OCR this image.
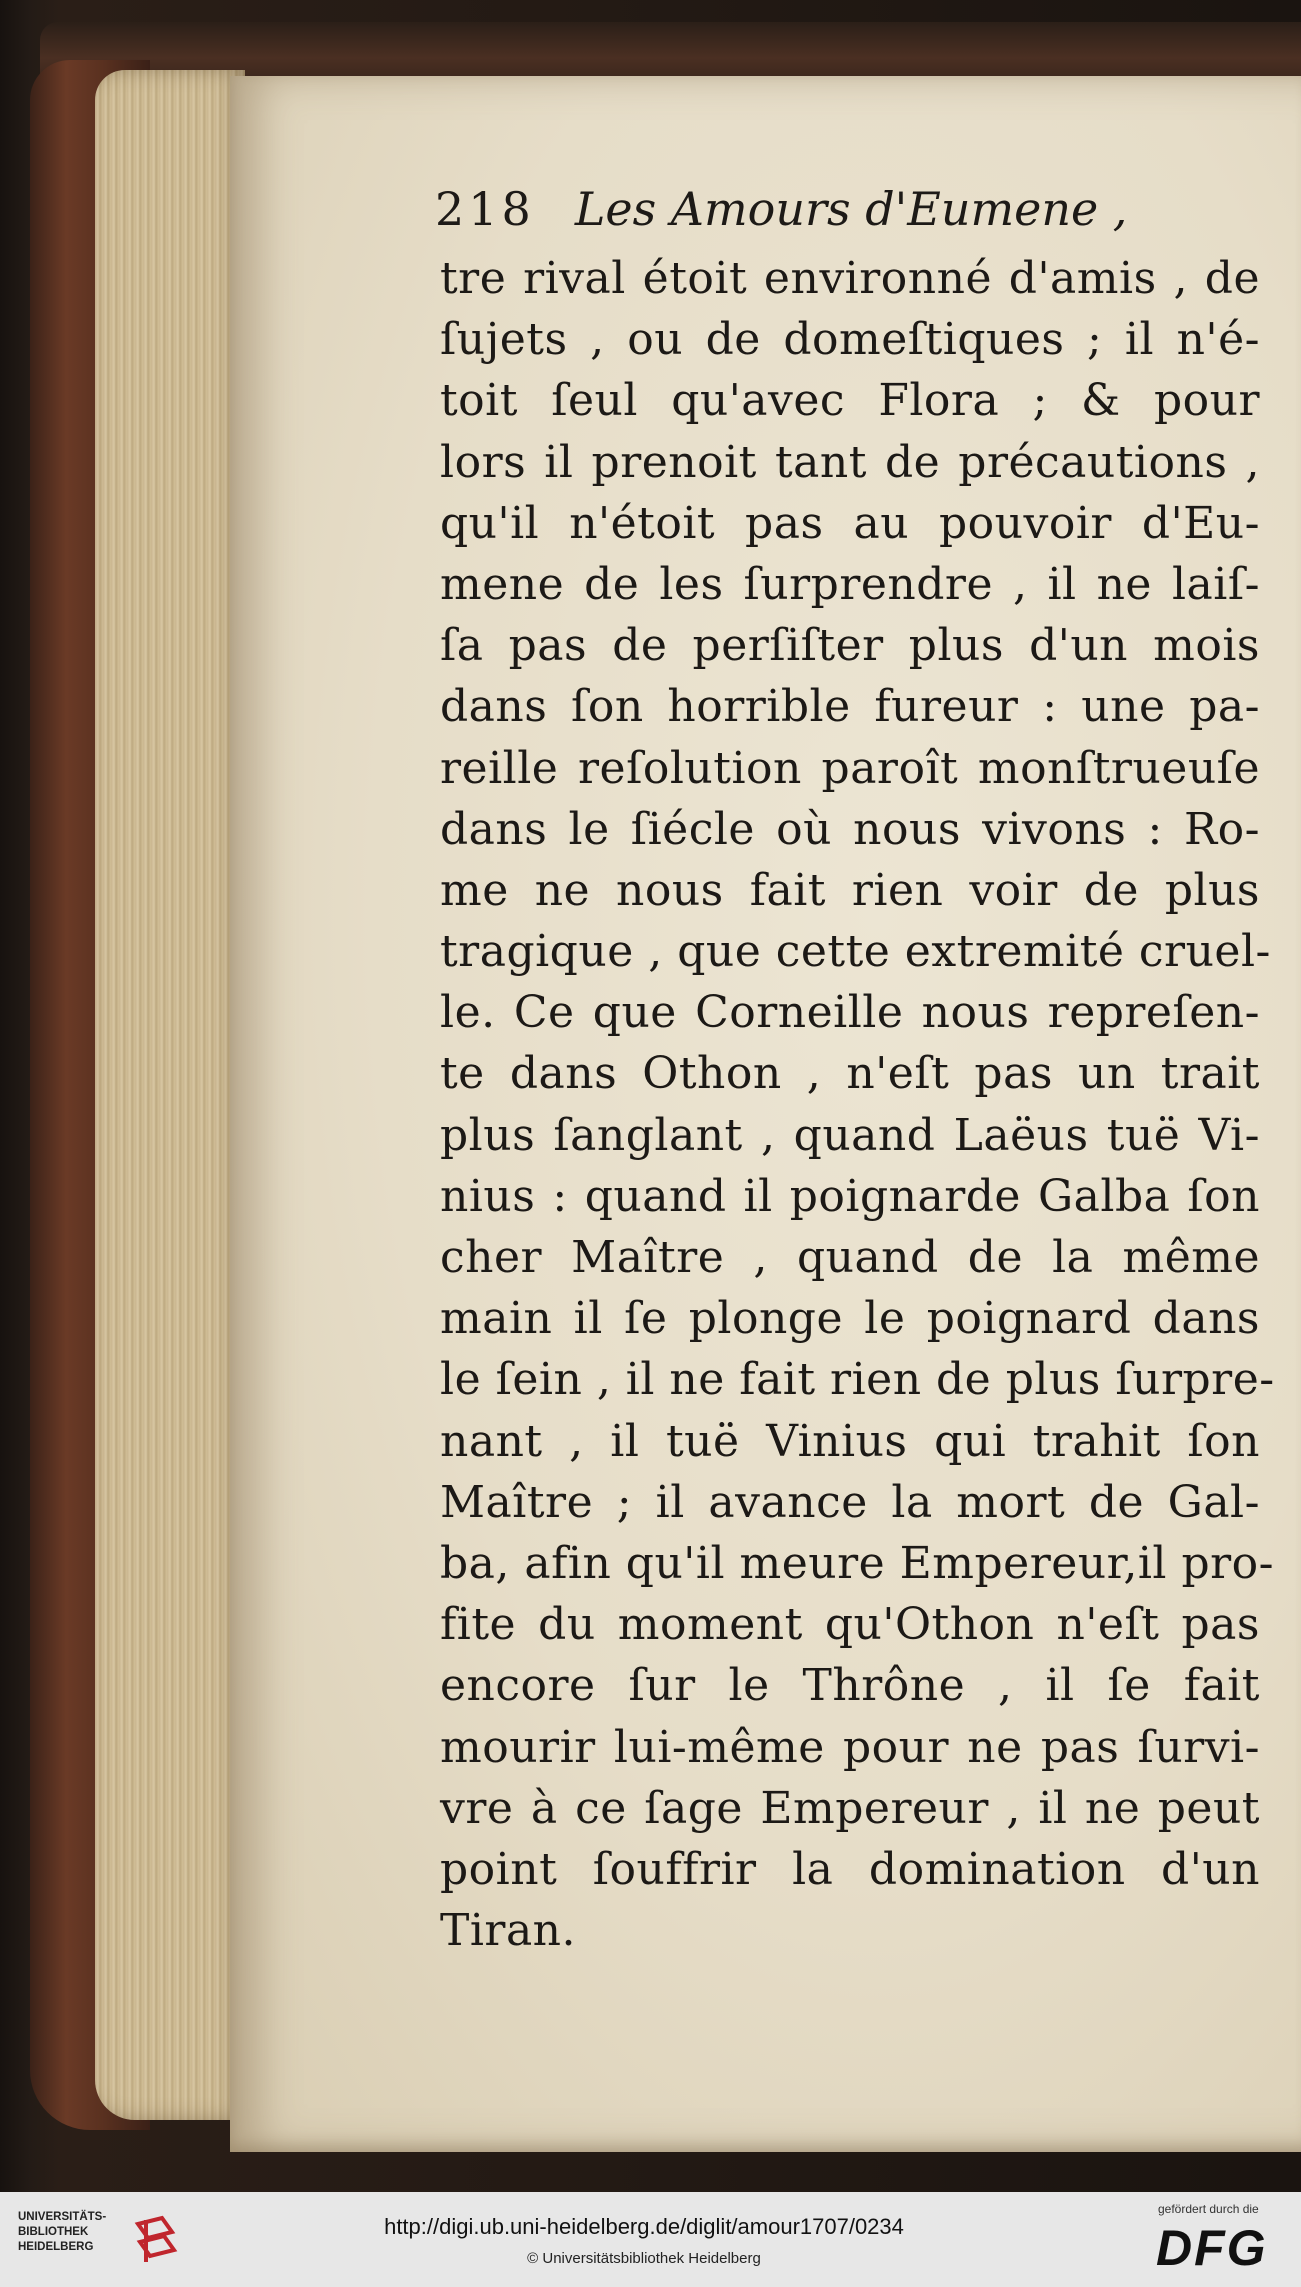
218 Les Amours d'Eumene ,
tre rival étoit environné d'amis , de
ſujets , ou de domeſtiques ; il n'é-
toit ſeul qu'avec Flora ; & pour
lors il prenoit tant de précautions ,
qu'il n'étoit pas au pouvoir d'Eu-
mene de les ſurprendre , il ne laiſ-
ſa pas de perſiſter plus d'un mois
dans ſon horrible fureur : une pa-
reille reſolution paroît monſtrueuſe
dans le ſiécle où nous vivons : Ro-
me ne nous fait rien voir de plus
tragique , que cette extremité cruel-
le. Ce que Corneille nous repreſen-
te dans Othon , n'eſt pas un trait
plus ſanglant , quand Laëus tuë Vi-
nius : quand il poignarde Galba ſon
cher Maître , quand de la même
main il ſe plonge le poignard dans
le ſein , il ne fait rien de plus ſurpre-
nant , il tuë Vinius qui trahit ſon
Maître ; il avance la mort de Gal-
ba, afin qu'il meure Empereur,il pro-
fite du moment qu'Othon n'eſt pas
encore ſur le Thrône , il ſe fait
mourir lui-même pour ne pas ſurvi-
vre à ce ſage Empereur , il ne peut
point ſouffrir la domination d'un
Tiran.
UNIVERSITÄTS- BIBLIOTHEK HEIDELBERG
http://digi.ub.uni-heidelberg.de/diglit/amour1707/0234
© Universitätsbibliothek Heidelberg
gefördert durch die
DFG
